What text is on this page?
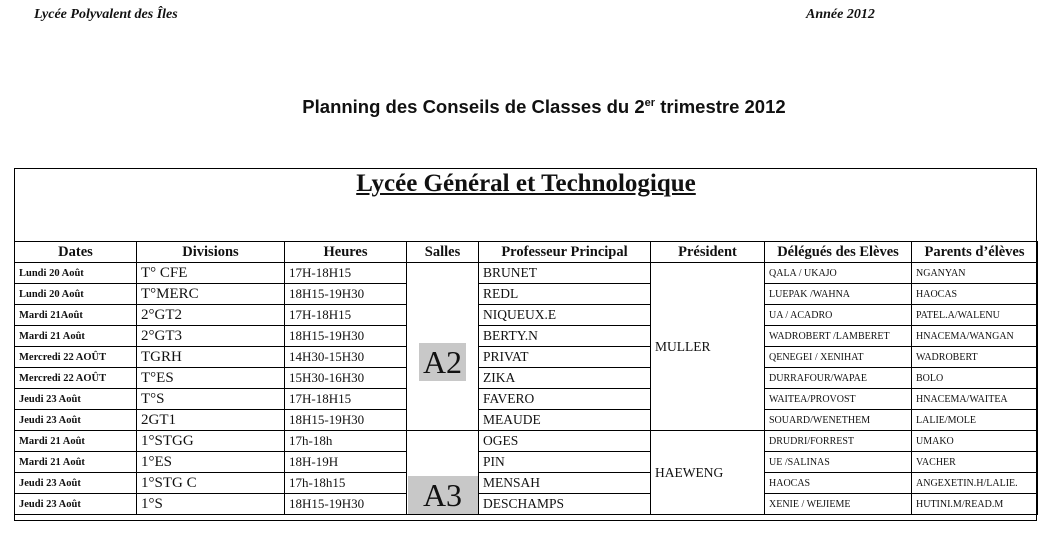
Lycée Polyvalent des Îles	Année 2012
Planning des Conseils de Classes du 2er trimestre 2012
Lycée Général et Technologique
Dates	Divisions	Heures	Salles	Professeur Principal	Président	Délégués des Elèves	Parents d’élèves
Lundi 20 Août	T° CFE	17H-18H15	A2	BRUNET	MULLER	QALA / UKAJO	NGANYAN
Lundi 20 Août	T°MERC	18H15-19H30		REDL		LUEPAK /WAHNA	HAOCAS
Mardi 21Août	2°GT2	17H-18H15		NIQUEUX.E		UA / ACADRO	PATEL.A/WALENU
Mardi 21 Août	2°GT3	18H15-19H30		BERTY.N		WADROBERT /LAMBERET	HNACEMA/WANGAN
Mercredi 22 AOÛT	TGRH	14H30-15H30		PRIVAT		QENEGEI / XENIHAT	WADROBERT
Mercredi 22 AOÛT	T°ES	15H30-16H30		ZIKA		DURRAFOUR/WAPAE	BOLO
Jeudi 23 Août	T°S	17H-18H15		FAVERO		WAITEA/PROVOST	HNACEMA/WAITEA
Jeudi 23 Août	2GT1	18H15-19H30		MEAUDE		SOUARD/WENETHEM	LALIE/MOLE
Mardi 21 Août	1°STGG	17h-18h	A3	OGES	HAEWENG	DRUDRI/FORREST	UMAKO
Mardi 21 Août	1°ES	18H-19H		PIN		UE /SALINAS	VACHER
Jeudi 23 Août	1°STG C	17h-18h15		MENSAH		HAOCAS	ANGEXETIN.H/LALIE.
Jeudi 23 Août	1°S	18H15-19H30		DESCHAMPS		XENIE / WEJIEME	HUTINI.M/READ.M
